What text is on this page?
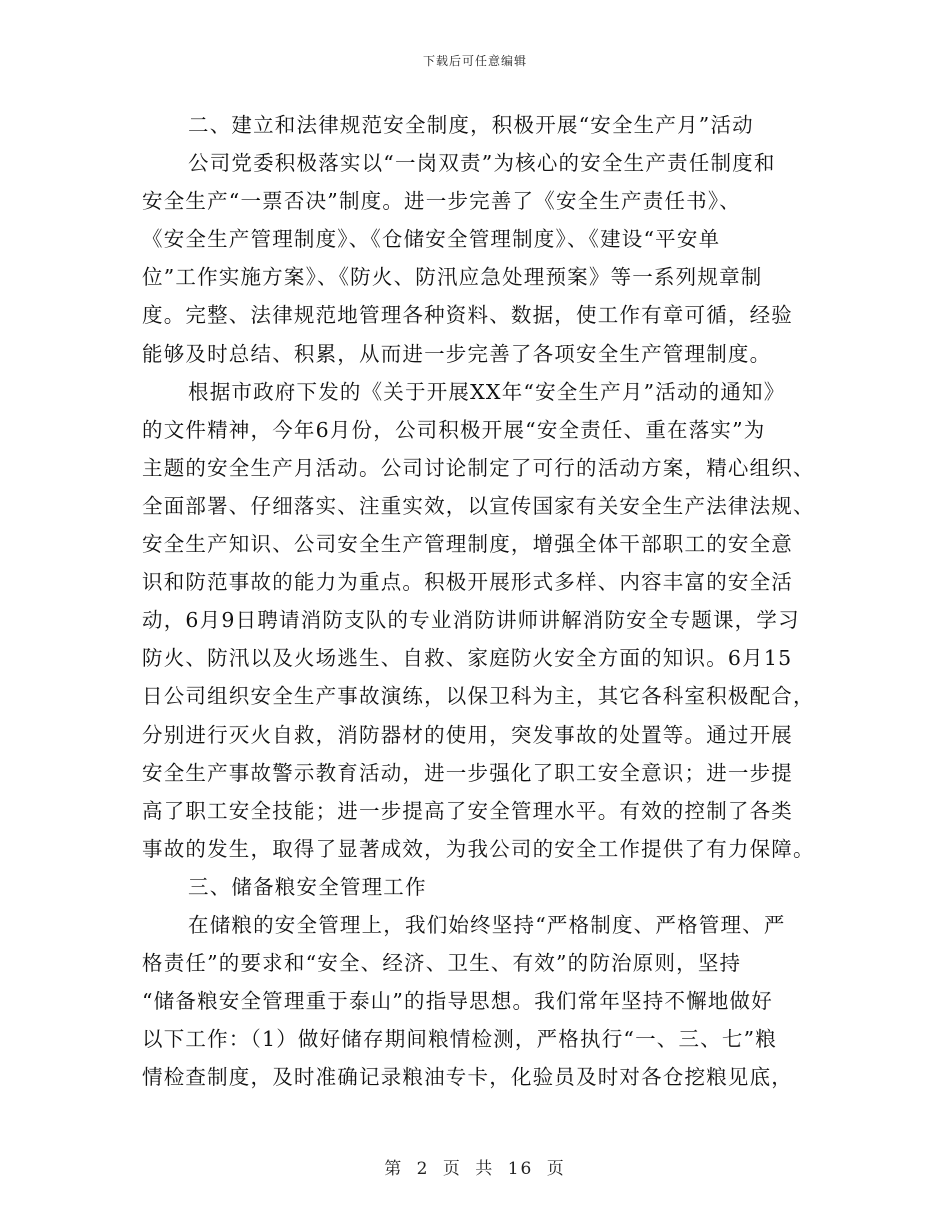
下载后可任意编辑
二、建立和法律规范安全制度，积极开展“安全生产月”活动
公司党委积极落实以“一岗双责”为核心的安全生产责任制度和
安全生产“一票否决”制度。进一步完善了《安全生产责任书》、
《安全生产管理制度》、《仓储安全管理制度》、《建设“平安单
位”工作实施方案》、《防火、防汛应急处理预案》等一系列规章制
度。完整、法律规范地管理各种资料、数据，使工作有章可循，经验
能够及时总结、积累，从而进一步完善了各项安全生产管理制度。
根据市政府下发的《关于开展XX年“安全生产月”活动的通知》
的文件精神，今年6月份，公司积极开展“安全责任、重在落实”为
主题的安全生产月活动。公司讨论制定了可行的活动方案，精心组织、
全面部署、仔细落实、注重实效，以宣传国家有关安全生产法律法规、
安全生产知识、公司安全生产管理制度，增强全体干部职工的安全意
识和防范事故的能力为重点。积极开展形式多样、内容丰富的安全活
动，6月9日聘请消防支队的专业消防讲师讲解消防安全专题课，学习
防火、防汛以及火场逃生、自救、家庭防火安全方面的知识。6月15
日公司组织安全生产事故演练，以保卫科为主，其它各科室积极配合，
分别进行灭火自救，消防器材的使用，突发事故的处置等。通过开展
安全生产事故警示教育活动，进一步强化了职工安全意识；进一步提
高了职工安全技能；进一步提高了安全管理水平。有效的控制了各类
事故的发生，取得了显著成效，为我公司的安全工作提供了有力保障。
三、储备粮安全管理工作
在储粮的安全管理上，我们始终坚持“严格制度、严格管理、严
格责任”的要求和“安全、经济、卫生、有效”的防治原则，坚持
“储备粮安全管理重于泰山”的指导思想。我们常年坚持不懈地做好
以下工作：（1）做好储存期间粮情检测，严格执行“一、三、七”粮
情检查制度，及时准确记录粮油专卡，化验员及时对各仓挖粮见底，
第 2 页 共 16 页
